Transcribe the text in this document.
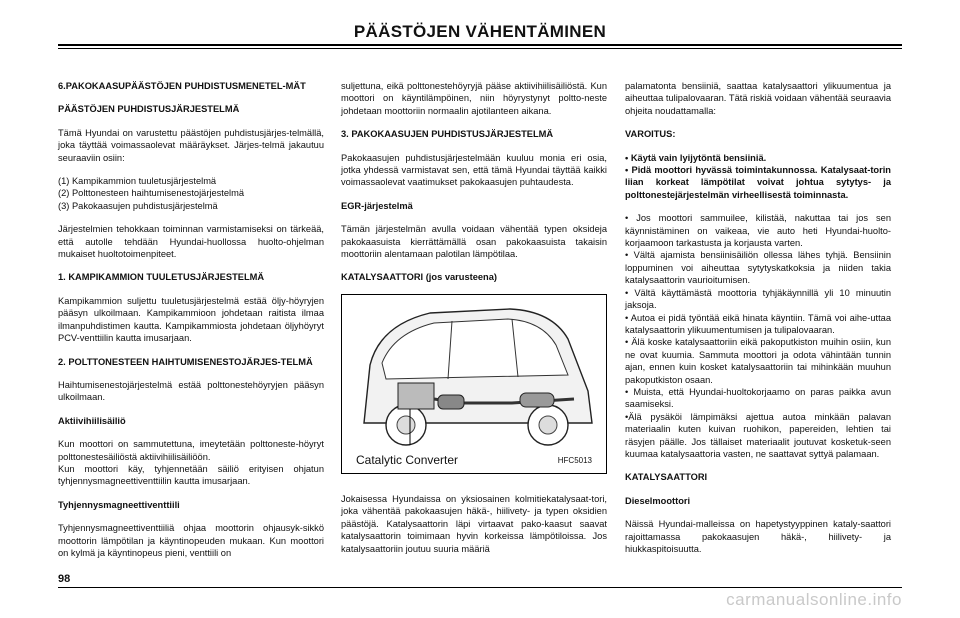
PÄÄSTÖJEN VÄHENTÄMINEN

6.PAKOKAASUPÄÄSTÖJEN PUHDISTUSMENETEL-MÄT

PÄÄSTÖJEN PUHDISTUSJÄRJESTELMÄ

Tämä Hyundai on varustettu päästöjen puhdistusjärjes-telmällä, joka täyttää voimassaolevat määräykset. Järjes-telmä jakautuu seuraaviin osiin:

(1) Kampikammion tuuletusjärjestelmä
(2) Polttonesteen haihtumisenestojärjestelmä
(3) Pakokaasujen puhdistusjärjestelmä

Järjestelmien tehokkaan toiminnan varmistamiseksi on tärkeää, että autolle tehdään Hyundai-huollossa huolto-ohjelman mukaiset huoltotoimenpiteet.

1. KAMPIKAMMION TUULETUSJÄRJESTELMÄ

Kampikammion suljettu tuuletusjärjestelmä estää öljy-höyryjen pääsyn ulkoilmaan. Kampikammioon johdetaan raitista ilmaa ilmanpuhdistimen kautta. Kampikammiosta johdetaan öljyhöyryt PCV-venttiilin kautta imusarjaan.

2. POLTTONESTEEN HAIHTUMISENESTOJÄRJES-TELMÄ

Haihtumisenestojärjestelmä estää polttonestehöyryjen pääsyn ulkoilmaan.

Aktiivihiilisäiliö

Kun moottori on sammutettuna, imeytetään polttoneste-höyryt polttonestesäiliöstä aktiivihiilisäiliöön.

Kun moottori käy, tyhjennetään säiliö erityisen ohjatun tyhjennysmagneettiventtiilin kautta imusarjaan.

Tyhjennysmagneettiventtiili

Tyhjennysmagneettiventtiiliä ohjaa moottorin ohjausyk-sikkö moottorin lämpötilan ja käyntinopeuden mukaan. Kun moottori on kylmä ja käyntinopeus pieni, venttiili on

suljettuna, eikä polttonestehöyryjä pääse aktiivihiilisäiliöstä. Kun moottori on käyntilämpöinen, niin höyrystynyt poltto-neste johdetaan moottoriin normaalin ajotilanteen aikana.

3. PAKOKAASUJEN PUHDISTUSJÄRJESTELMÄ

Pakokaasujen puhdistusjärjestelmään kuuluu monia eri osia, jotka yhdessä varmistavat sen, että tämä Hyundai täyttää kaikki voimassaolevat vaatimukset pakokaasujen puhtaudesta.

EGR-järjestelmä

Tämän järjestelmän avulla voidaan vähentää typen oksideja pakokaasuista kierrättämällä osan pakokaasuista takaisin moottoriin alentamaan palotilan lämpötilaa.

KATALYSAATTORI (jos varusteena)

Catalytic Converter	HFC5013

Jokaisessa Hyundaissa on yksiosainen kolmitiekatalysaat-tori, joka vähentää pakokaasujen häkä-, hiilivety- ja typen oksidien päästöjä. Katalysaattorin läpi virtaavat pako-kaasut saavat katalysaattorin toimimaan hyvin korkeissa lämpötiloissa. Jos katalysaattoriin joutuu suuria määriä

palamatonta bensiiniä, saattaa katalysaattori ylikuumentua ja aiheuttaa tulipalovaaran. Tätä riskiä voidaan vähentää seuraavia ohjeita noudattamalla:

VAROITUS:

• Käytä vain lyijytöntä bensiiniä.

• Pidä moottori hyvässä toimintakunnossa. Katalysaat-torin liian korkeat lämpötilat voivat johtua sytytys- ja polttonestejärjestelmän virheellisestä toiminnasta.

• Jos moottori sammuilee, kilistää, nakuttaa tai jos sen käynnistäminen on vaikeaa, vie auto heti Hyundai-huolto-korjaamoon tarkastusta ja korjausta varten.

• Vältä ajamista bensiinisäiliön ollessa lähes tyhjä. Bensiinin loppuminen voi aiheuttaa sytytyskatkoksia ja niiden takia katalysaattorin vaurioitumisen.

• Vältä käyttämästä moottoria tyhjäkäynnillä yli 10 minuutin jaksoja.

• Autoa ei pidä työntää eikä hinata käyntiin. Tämä voi aihe-uttaa katalysaattorin ylikuumentumisen ja tulipalovaaran.

• Älä koske katalysaattoriin eikä pakoputkiston muihin osiin, kun ne ovat kuumia. Sammuta moottori ja odota vähintään tunnin ajan, ennen kuin kosket katalysaattoriin tai mihinkään muuhun pakoputkiston osaan.

• Muista, että Hyundai-huoltokorjaamo on paras paikka avun saamiseksi.

•Älä pysäköi lämpimäksi ajettua autoa minkään palavan materiaalin kuten kuivan ruohikon, papereiden, lehtien tai räsyjen päälle. Jos tällaiset materiaalit joutuvat kosketuk-seen kuumaa katalysaattoria vasten, ne saattavat syttyä palamaan.

KATALYSAATTORI

Dieselmoottori

Näissä Hyundai-malleissa on hapetystyyppinen kataly-saattori rajoittamassa pakokaasujen häkä-, hiilivety- ja hiukkaspitoisuutta.

98
carmanualsonline.info
